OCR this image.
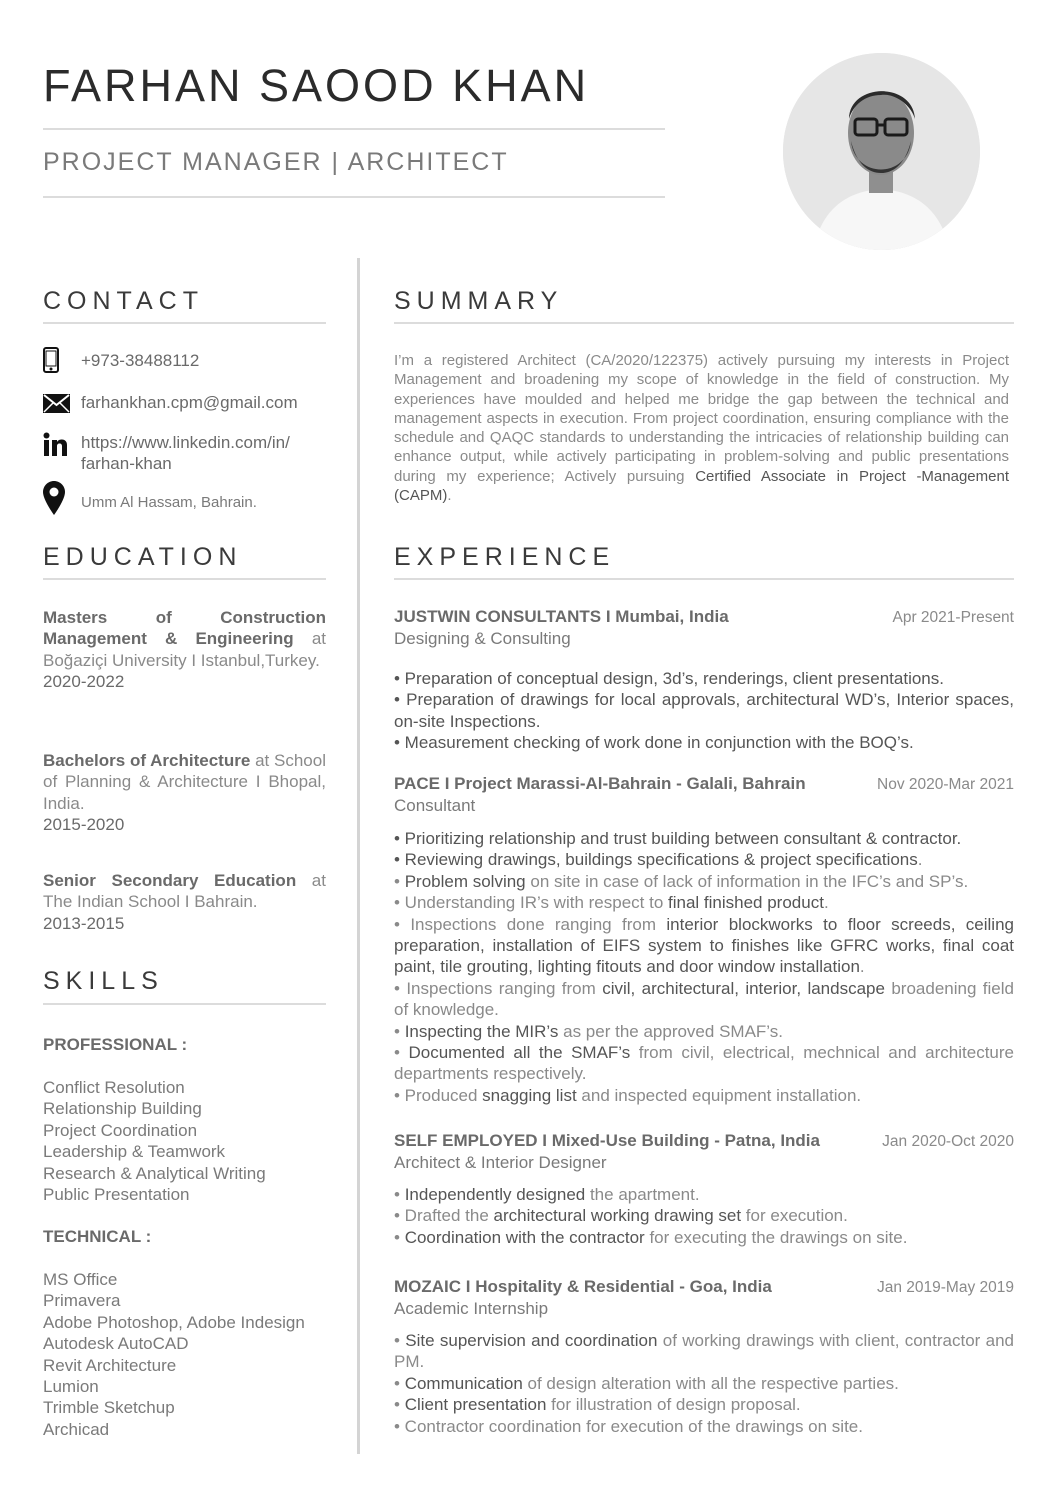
FARHAN SAOOD KHAN
PROJECT MANAGER | ARCHITECT
CONTACT
+973-38488112
farhankhan.cpm@gmail.com
https://www.linkedin.com/in/
farhan-khan
Umm Al Hassam, Bahrain.
SUMMARY
I’m a registered Architect (CA/2020/122375) actively pursuing my interests in Project Management and broadening my scope of knowledge in the field of construction. My experiences have moulded and helped me bridge the gap between the technical and management aspects in execution. From project coordination, ensuring compliance with the schedule and QAQC standards to understanding the intricacies of relationship building can enhance output, while actively participating in problem-solving and public presentations during my experience; Actively pursuing Certified Associate in Project -Management (CAPM).
EDUCATION
Masters of Construction Management & Engineering at Boğaziçi University I Istanbul,Turkey.
2020-2022
Bachelors of Architecture at School of Planning & Architecture I Bhopal, India.
2015-2020
Senior Secondary Education at The Indian School I Bahrain.
2013-2015
EXPERIENCE
JUSTWIN CONSULTANTS I Mumbai, India	Apr 2021-Present
Designing & Consulting
• Preparation of conceptual design, 3d’s, renderings, client presentations.
• Preparation of drawings for local approvals, architectural WD’s, Interior spaces, on-site Inspections.
• Measurement checking of work done in conjunction with the BOQ’s.
PACE I Project Marassi-Al-Bahrain - Galali, Bahrain	Nov 2020-Mar 2021
Consultant
• Prioritizing relationship and trust building between consultant & contractor.
• Reviewing drawings, buildings specifications & project specifications.
• Problem solving on site in case of lack of information in the IFC’s and SP’s.
• Understanding IR’s with respect to final finished product.
• Inspections done ranging from interior blockworks to floor screeds, ceiling preparation, installation of EIFS system to finishes like GFRC works, final coat paint, tile grouting, lighting fitouts and door window installation.
• Inspections ranging from civil, architectural, interior, landscape broadening field of knowledge.
• Inspecting the MIR’s as per the approved SMAF’s.
• Documented all the SMAF’s from civil, electrical, mechnical and architecture departments respectively.
• Produced snagging list and inspected equipment installation.
SELF EMPLOYED I Mixed-Use Building - Patna, India	Jan 2020-Oct 2020
Architect & Interior Designer
• Independently designed the apartment.
• Drafted the architectural working drawing set for execution.
• Coordination with the contractor for executing the drawings on site.
MOZAIC I Hospitality & Residential - Goa, India	Jan 2019-May 2019
Academic Internship
• Site supervision and coordination of working drawings with client, contractor and PM.
• Communication of design alteration with all the respective parties.
• Client presentation for illustration of design proposal.
• Contractor coordination for execution of the drawings on site.
SKILLS
PROFESSIONAL :
Conflict Resolution
Relationship Building
Project Coordination
Leadership & Teamwork
Research & Analytical Writing
Public Presentation
TECHNICAL :
MS Office
Primavera
Adobe Photoshop, Adobe Indesign
Autodesk AutoCAD
Revit Architecture
Lumion
Trimble Sketchup
Archicad
